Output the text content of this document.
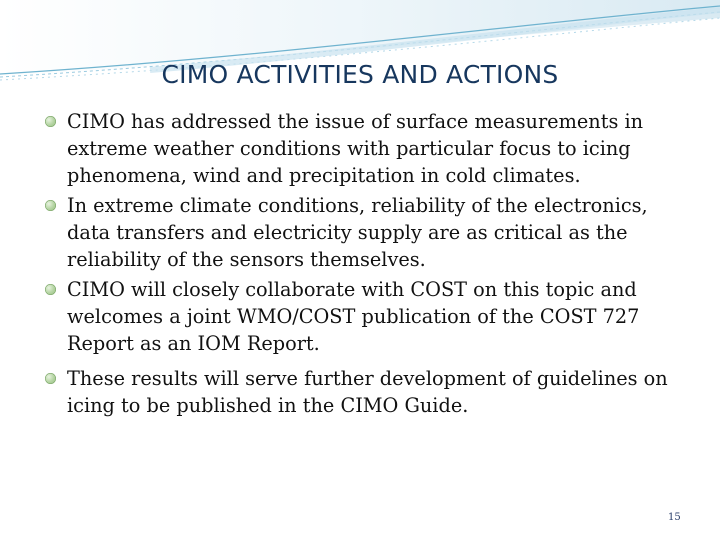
CIMO ACTIVITIES AND ACTIONS
CIMO has addressed the issue of surface measurements in extreme weather conditions with particular focus to icing phenomena, wind and precipitation in cold climates.
In extreme climate conditions, reliability of the electronics, data transfers and electricity supply are as critical as the reliability of the sensors themselves.
CIMO will closely collaborate with COST on this topic and welcomes a joint WMO/COST publication of the COST 727 Report as an IOM Report.
These results will serve further development of guidelines on icing to be published in the CIMO Guide.
15
